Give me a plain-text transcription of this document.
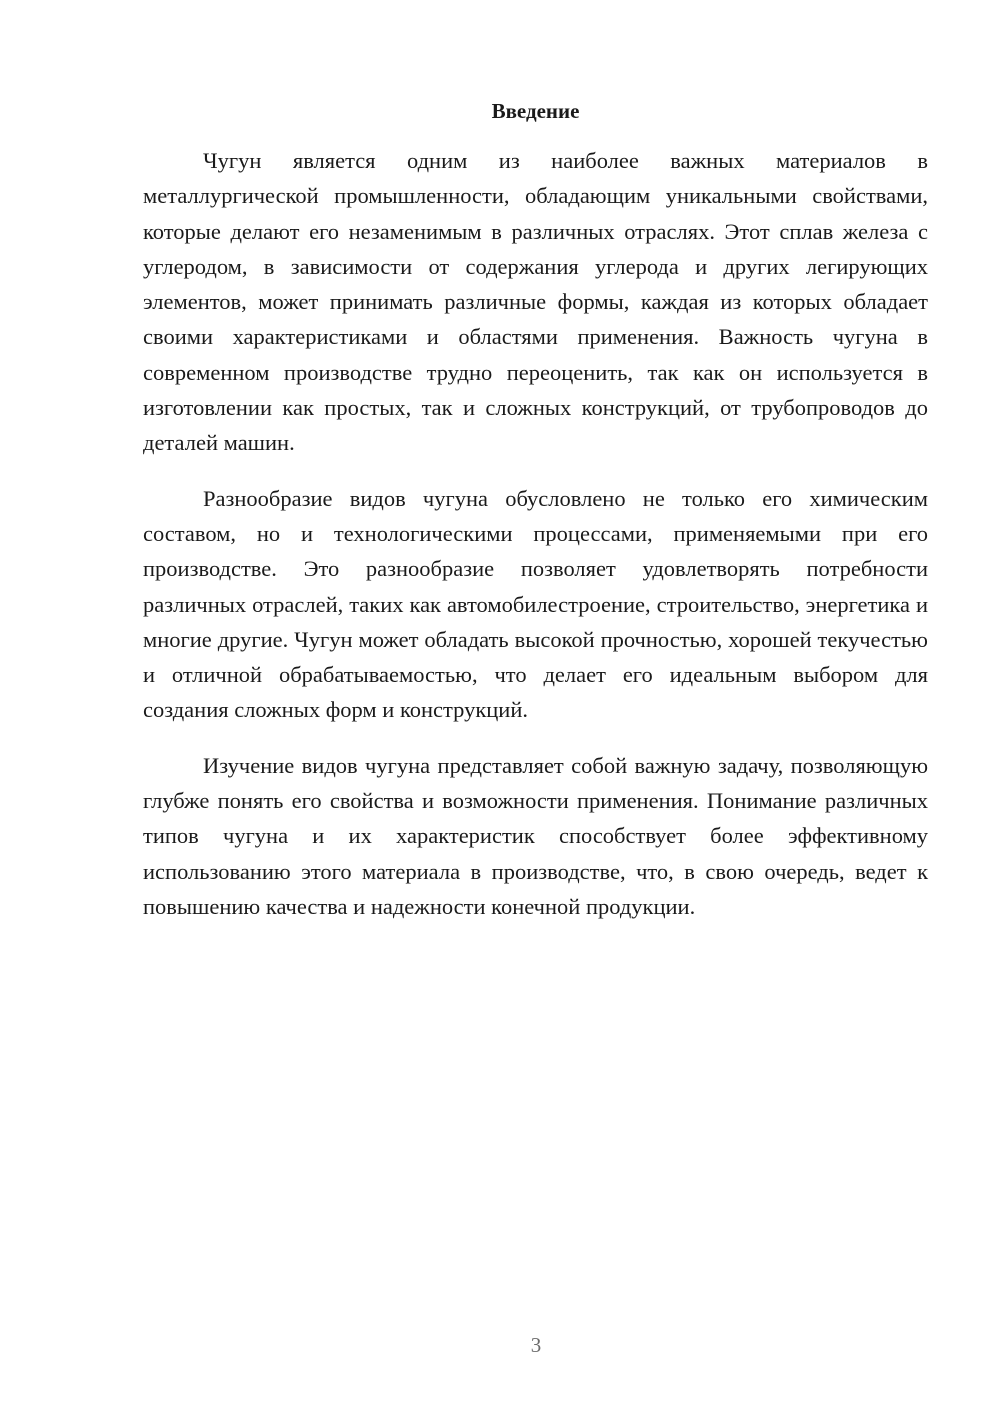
Введение

Чугун является одним из наиболее важных материалов в металлургической промышленности, обладающим уникальными свойствами, которые делают его незаменимым в различных отраслях. Этот сплав железа с углеродом, в зависимости от содержания углерода и других легирующих элементов, может принимать различные формы, каждая из которых обладает своими характеристиками и областями применения. Важность чугуна в современном производстве трудно переоценить, так как он используется в изготовлении как простых, так и сложных конструкций, от трубопроводов до деталей машин.

Разнообразие видов чугуна обусловлено не только его химическим составом, но и технологическими процессами, применяемыми при его производстве. Это разнообразие позволяет удовлетворять потребности различных отраслей, таких как автомобилестроение, строительство, энергетика и многие другие. Чугун может обладать высокой прочностью, хорошей текучестью и отличной обрабатываемостью, что делает его идеальным выбором для создания сложных форм и конструкций.

Изучение видов чугуна представляет собой важную задачу, позволяющую глубже понять его свойства и возможности применения. Понимание различных типов чугуна и их характеристик способствует более эффективному использованию этого материала в производстве, что, в свою очередь, ведет к повышению качества и надежности конечной продукции.

3
